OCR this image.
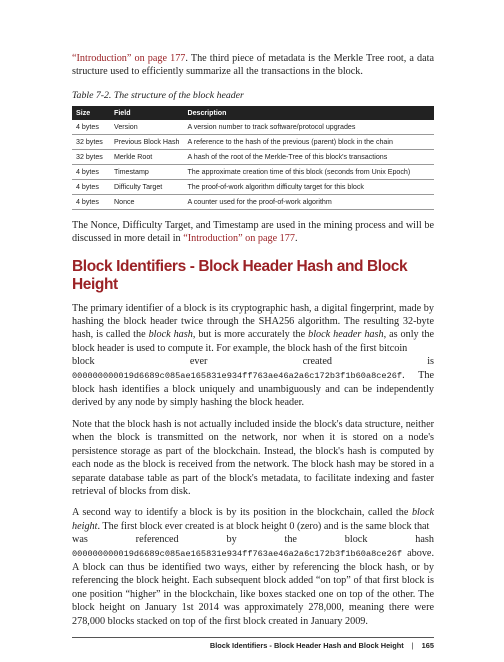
“Introduction” on page 177. The third piece of metadata is the Merkle Tree root, a data structure used to efficiently summarize all the transactions in the block.

Table 7-2. The structure of the block header
Size	Field	Description
4 bytes	Version	A version number to track software/protocol upgrades
32 bytes	Previous Block Hash	A reference to the hash of the previous (parent) block in the chain
32 bytes	Merkle Root	A hash of the root of the Merkle-Tree of this block's transactions
4 bytes	Timestamp	The approximate creation time of this block (seconds from Unix Epoch)
4 bytes	Difficulty Target	The proof-of-work algorithm difficulty target for this block
4 bytes	Nonce	A counter used for the proof-of-work algorithm

The Nonce, Difficulty Target, and Timestamp are used in the mining process and will be discussed in more detail in “Introduction” on page 177.

Block Identifiers - Block Header Hash and Block Height

The primary identifier of a block is its cryptographic hash, a digital fingerprint, made by hashing the block header twice through the SHA256 algorithm. The resulting 32-byte hash, is called the block hash, but is more accurately the block header hash, as only the block header is used to compute it. For example, the block hash of the first bitcoin

block	ever	created	is

000000000019d6689c085ae165831e934ff763ae46a2a6c172b3f1b60a8ce26f. The block hash identifies a block uniquely and unambiguously and can be independently derived by any node by simply hashing the block header.

Note that the block hash is not actually included inside the block's data structure, neither when the block is transmitted on the network, nor when it is stored on a node's persistence storage as part of the blockchain. Instead, the block's hash is computed by each node as the block is received from the network. The block hash may be stored in a separate database table as part of the block's metadata, to facilitate indexing and faster retrieval of blocks from disk.

A second way to identify a block is by its position in the blockchain, called the block height. The first block ever created is at block height 0 (zero) and is the same block that

was	referenced	by	the	block	hash

000000000019d6689c085ae165831e934ff763ae46a2a6c172b3f1b60a8ce26f above. A block can thus be identified two ways, either by referencing the block hash, or by referencing the block height. Each subsequent block added “on top” of that first block is one position “higher” in the blockchain, like boxes stacked one on top of the other. The block height on January 1st 2014 was approximately 278,000, meaning there were 278,000 blocks stacked on top of the first block created in January 2009.

Block Identifiers - Block Header Hash and Block Height | 165
